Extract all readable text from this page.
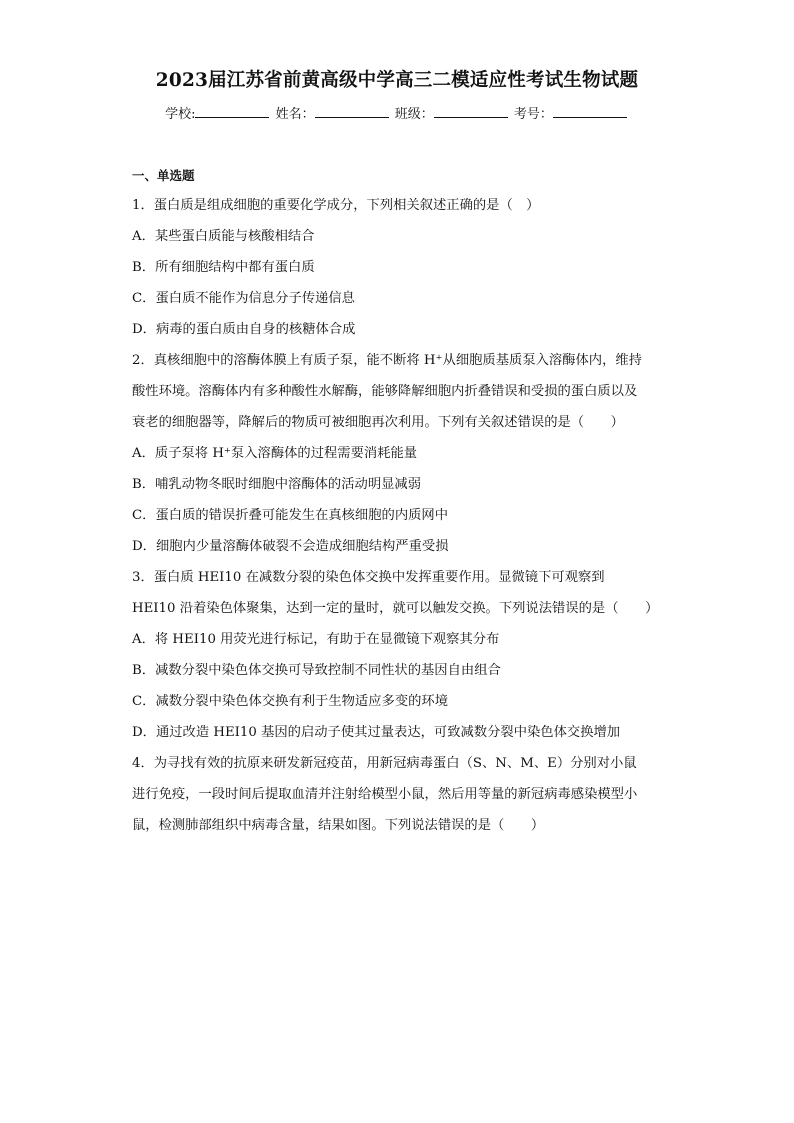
2023届江苏省前黄高级中学高三二模适应性考试生物试题
学校:	姓名：	班级：	考号：
一、单选题
1．蛋白质是组成细胞的重要化学成分，下列相关叙述正确的是（　）
A．某些蛋白质能与核酸相结合
B．所有细胞结构中都有蛋白质
C．蛋白质不能作为信息分子传递信息
D．病毒的蛋白质由自身的核糖体合成
2．真核细胞中的溶酶体膜上有质子泵，能不断将 H⁺从细胞质基质泵入溶酶体内，维持
酸性环境。溶酶体内有多种酸性水解酶，能够降解细胞内折叠错误和受损的蛋白质以及
衰老的细胞器等，降解后的物质可被细胞再次利用。下列有关叙述错误的是（　　）
A．质子泵将 H⁺泵入溶酶体的过程需要消耗能量
B．哺乳动物冬眠时细胞中溶酶体的活动明显减弱
C．蛋白质的错误折叠可能发生在真核细胞的内质网中
D．细胞内少量溶酶体破裂不会造成细胞结构严重受损
3．蛋白质 HEI10 在减数分裂的染色体交换中发挥重要作用。显微镜下可观察到
HEI10 沿着染色体聚集，达到一定的量时，就可以触发交换。下列说法错误的是（　　）
A．将 HEI10 用荧光进行标记，有助于在显微镜下观察其分布
B．减数分裂中染色体交换可导致控制不同性状的基因自由组合
C．减数分裂中染色体交换有利于生物适应多变的环境
D．通过改造 HEI10 基因的启动子使其过量表达，可致减数分裂中染色体交换增加
4．为寻找有效的抗原来研发新冠疫苗，用新冠病毒蛋白（S、N、M、E）分别对小鼠
进行免疫，一段时间后提取血清并注射给模型小鼠，然后用等量的新冠病毒感染模型小
鼠，检测肺部组织中病毒含量，结果如图。下列说法错误的是（　　）
